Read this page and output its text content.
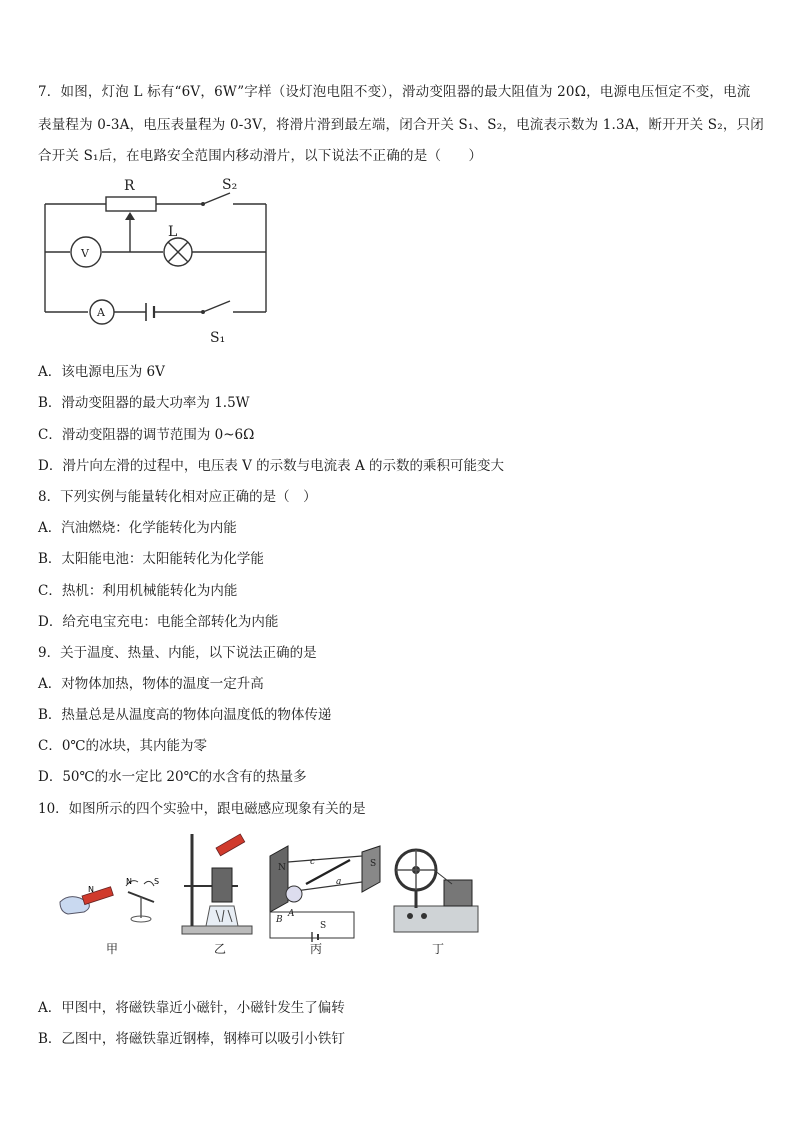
7．如图，灯泡 L 标有“6V，6W”字样（设灯泡电阻不变），滑动变阻器的最大阻值为 20Ω，电源电压恒定不变，电流
表量程为 0-3A，电压表量程为 0-3V，将滑片滑到最左端，闭合开关 S₁、S₂，电流表示数为 1.3A，断开开关 S₂，只闭
合开关 S₁后，在电路安全范围内移动滑片，以下说法不正确的是（　　）
R	S₂
V
L
A
S₁
A．该电源电压为 6V
B．滑动变阻器的最大功率为 1.5W
C．滑动变阻器的调节范围为 0~6Ω
D．滑片向左滑的过程中，电压表 V 的示数与电流表 A 的示数的乘积可能变大
8．下列实例与能量转化相对应正确的是（　）
A．汽油燃烧：化学能转化为内能
B．太阳能电池：太阳能转化为化学能
C．热机：利用机械能转化为内能
D．给充电宝充电：电能全部转化为内能
9．关于温度、热量、内能，以下说法正确的是
A．对物体加热，物体的温度一定升高
B．热量总是从温度高的物体向温度低的物体传递
C．0℃的冰块，其内能为零
D．50℃的水一定比 20℃的水含有的热量多
10．如图所示的四个实验中，跟电磁感应现象有关的是
N
N	S
N	S
a
c
B
A
S
甲	乙	丙	丁
A．甲图中，将磁铁靠近小磁针，小磁针发生了偏转
B．乙图中，将磁铁靠近钢棒，钢棒可以吸引小铁钉
